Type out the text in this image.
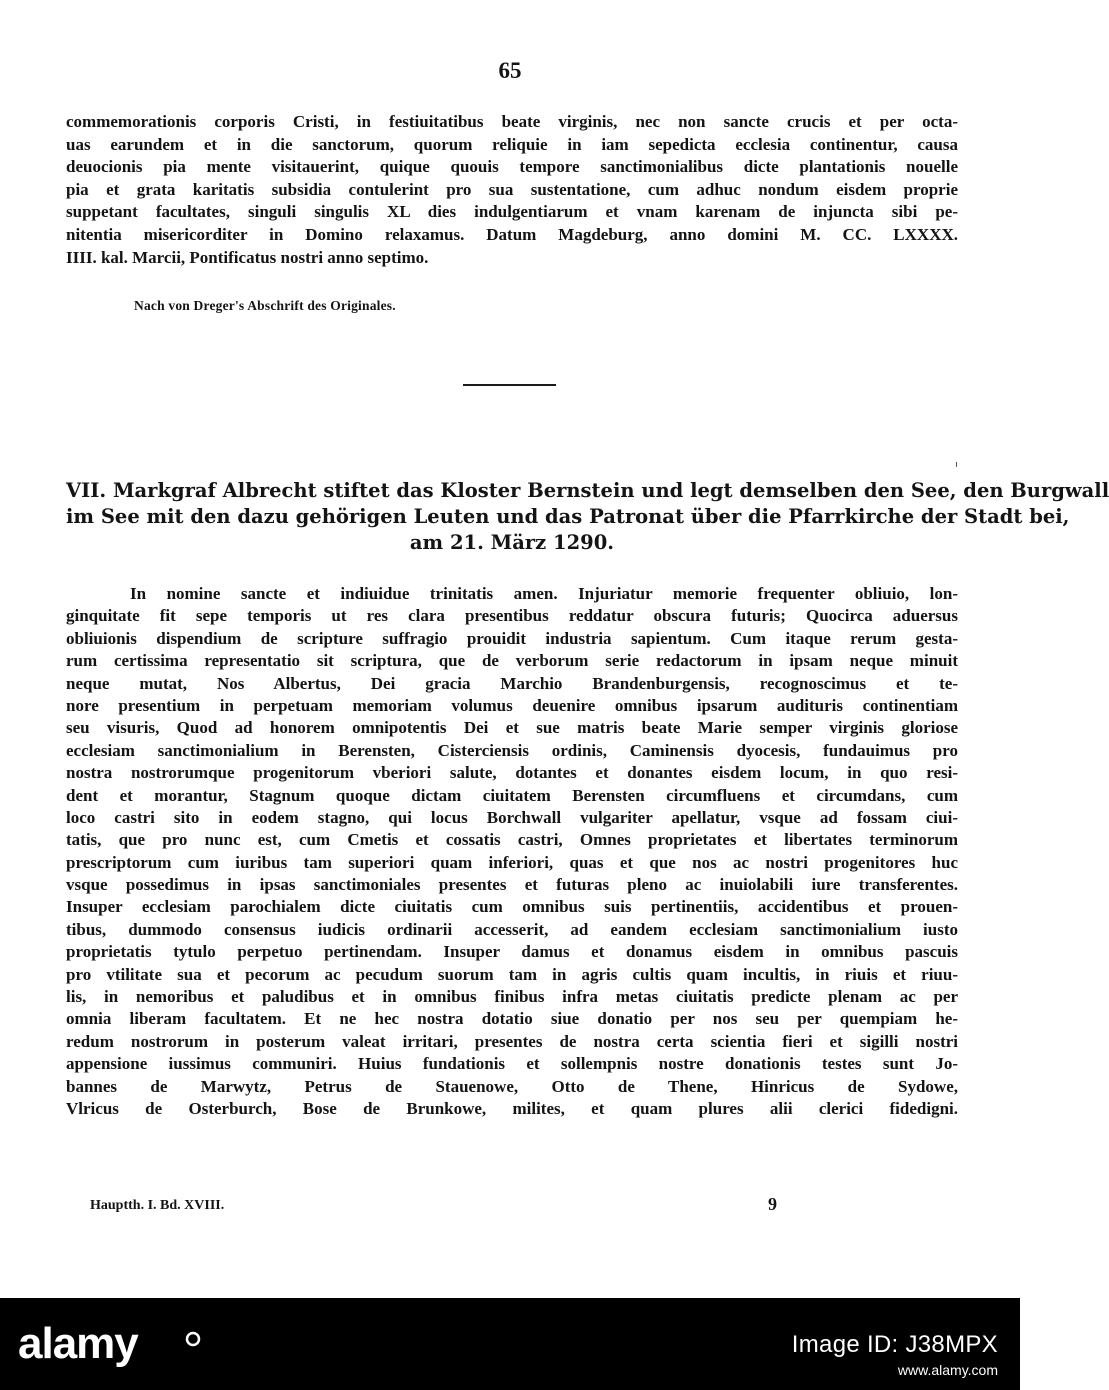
65
commemorationis corporis Cristi, in festiuitatibus beate virginis, nec non sancte crucis et per octa-
uas earundem et in die sanctorum, quorum reliquie in iam sepedicta ecclesia continentur, causa
deuocionis pia mente visitauerint, quique quouis tempore sanctimonialibus dicte plantationis nouelle
pia et grata karitatis subsidia contulerint pro sua sustentatione, cum adhuc nondum eisdem proprie
suppetant facultates, singuli singulis XL dies indulgentiarum et vnam karenam de injuncta sibi pe-
nitentia misericorditer in Domino relaxamus. Datum Magdeburg, anno domini M. CC. LXXXX.
IIII. kal. Marcii, Pontificatus nostri anno septimo.
Nach von Dreger's Abschrift des Originales.
VII. Markgraf Albrecht stiftet das Kloster Bernstein und legt demselben den See, den Burgwall
im See mit den dazu gehörigen Leuten und das Patronat über die Pfarrkirche der Stadt bei,
am 21. März 1290.
In nomine sancte et indiuidue trinitatis amen. Injuriatur memorie frequenter obliuio, lon-
ginquitate fit sepe temporis ut res clara presentibus reddatur obscura futuris; Quocirca aduersus
obliuionis dispendium de scripture suffragio prouidit industria sapientum. Cum itaque rerum gesta-
rum certissima representatio sit scriptura, que de verborum serie redactorum in ipsam neque minuit
neque mutat, Nos Albertus, Dei gracia Marchio Brandenburgensis, recognoscimus et te-
nore presentium in perpetuam memoriam volumus deuenire omnibus ipsarum audituris continentiam
seu visuris, Quod ad honorem omnipotentis Dei et sue matris beate Marie semper virginis gloriose
ecclesiam sanctimonialium in Berensten, Cisterciensis ordinis, Caminensis dyocesis, fundauimus pro
nostra nostrorumque progenitorum vberiori salute, dotantes et donantes eisdem locum, in quo resi-
dent et morantur, Stagnum quoque dictam ciuitatem Berensten circumfluens et circumdans, cum
loco castri sito in eodem stagno, qui locus Borchwall vulgariter apellatur, vsque ad fossam ciui-
tatis, que pro nunc est, cum Cmetis et cossatis castri, Omnes proprietates et libertates terminorum
prescriptorum cum iuribus tam superiori quam inferiori, quas et que nos ac nostri progenitores huc
vsque possedimus in ipsas sanctimoniales presentes et futuras pleno ac inuiolabili iure transferentes.
Insuper ecclesiam parochialem dicte ciuitatis cum omnibus suis pertinentiis, accidentibus et prouen-
tibus, dummodo consensus iudicis ordinarii accesserit, ad eandem ecclesiam sanctimonialium iusto
proprietatis tytulo perpetuo pertinendam. Insuper damus et donamus eisdem in omnibus pascuis
pro vtilitate sua et pecorum ac pecudum suorum tam in agris cultis quam incultis, in riuis et riuu-
lis, in nemoribus et paludibus et in omnibus finibus infra metas ciuitatis predicte plenam ac per
omnia liberam facultatem. Et ne hec nostra dotatio siue donatio per nos seu per quempiam he-
redum nostrorum in posterum valeat irritari, presentes de nostra certa scientia fieri et sigilli nostri
appensione iussimus communiri. Huius fundationis et sollempnis nostre donationis testes sunt Jo-
bannes de Marwytz, Petrus de Stauenowe, Otto de Thene, Hinricus de Sydowe,
Vlricus de Osterburch, Bose de Brunkowe, milites, et quam plures alii clerici fidedigni.
Hauptth. I. Bd. XVIII.	9
alamy	Image ID: J38MPX
www.alamy.com
